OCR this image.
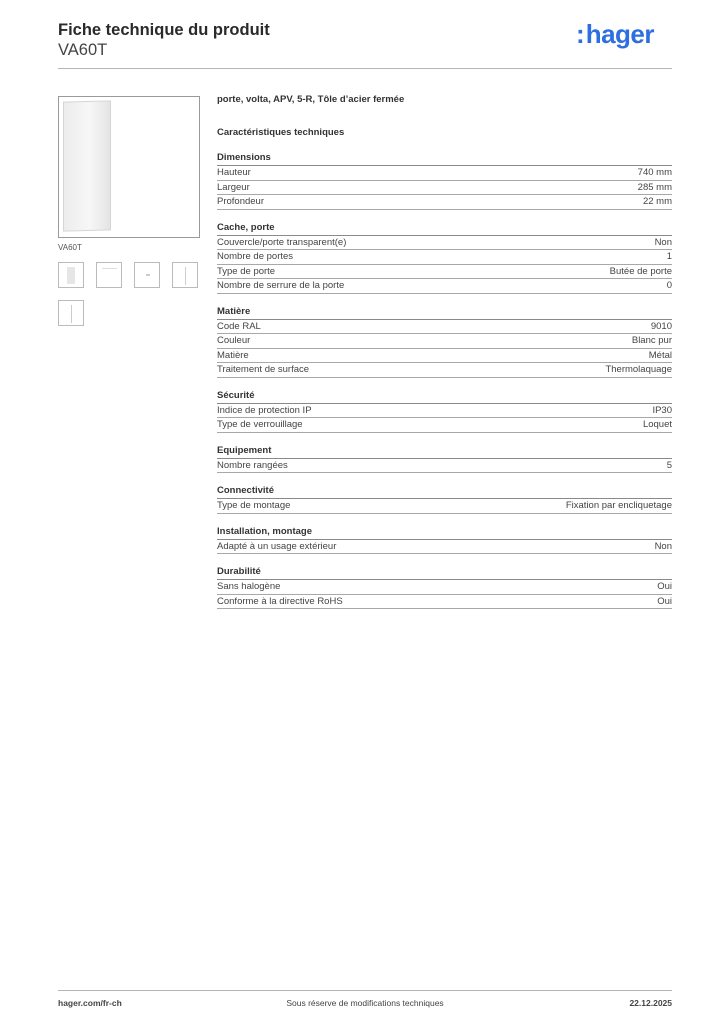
Fiche technique du produit
VA60T
:hager
VA60T
porte, volta, APV, 5-R, Tôle d’acier fermée
Caractéristiques techniques
Dimensions
Hauteur	740 mm
Largeur	285 mm
Profondeur	22 mm
Cache, porte
Couvercle/porte transparent(e)	Non
Nombre de portes	1
Type de porte	Butée de porte
Nombre de serrure de la porte	0
Matière
Code RAL	9010
Couleur	Blanc pur
Matière	Métal
Traitement de surface	Thermolaquage
Sécurité
Indice de protection IP	IP30
Type de verrouillage	Loquet
Equipement
Nombre rangées	5
Connectivité
Type de montage	Fixation par encliquetage
Installation, montage
Adapté à un usage extérieur	Non
Durabilité
Sans halogène	Oui
Conforme à la directive RoHS	Oui
hager.com/fr-ch	Sous réserve de modifications techniques	22.12.2025
